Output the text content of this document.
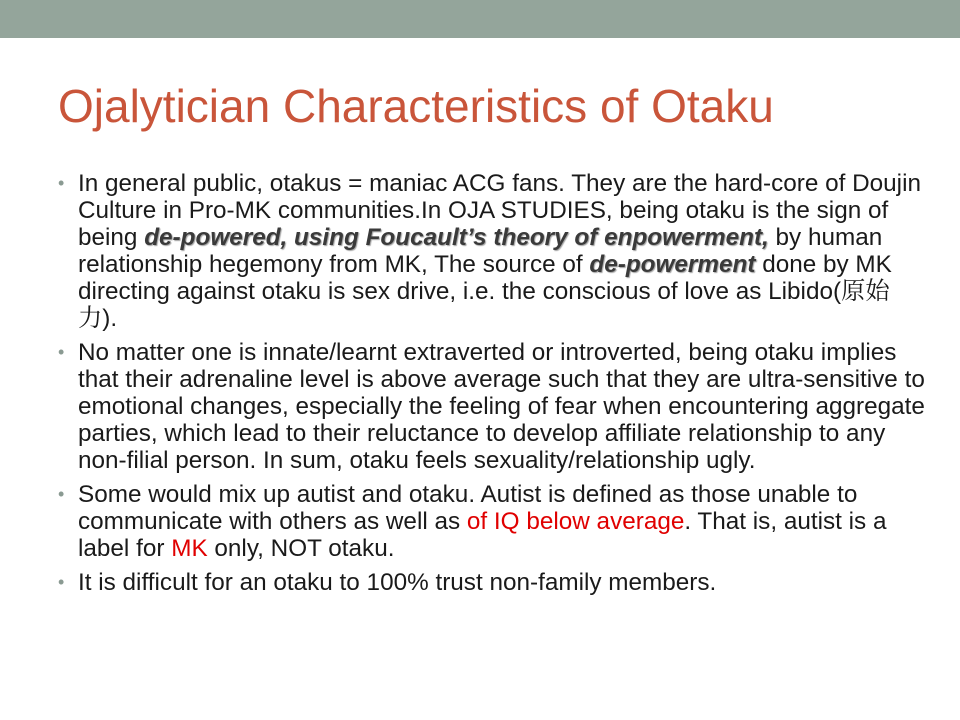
Ojalytician Characteristics of Otaku
• In general public, otakus = maniac ACG fans. They are the hard-core of Doujin Culture in Pro-MK communities.In OJA STUDIES, being otaku is the sign of being de-powered, using Foucault’s theory of enpowerment, by human relationship hegemony from MK, The source of de-powerment done by MK directing against otaku is sex drive, i.e. the conscious of love as Libido(原始力).
• No matter one is innate/learnt extraverted or introverted, being otaku implies that their adrenaline level is above average such that they are ultra-sensitive to emotional changes, especially the feeling of fear when encountering aggregate parties, which lead to their reluctance to develop affiliate relationship to any non-filial person. In sum, otaku feels sexuality/relationship ugly.
• Some would mix up autist and otaku. Autist is defined as those unable to communicate with others as well as of IQ below average. That is, autist is a label for MK only, NOT otaku.
• It is difficult for an otaku to 100% trust non-family members.
